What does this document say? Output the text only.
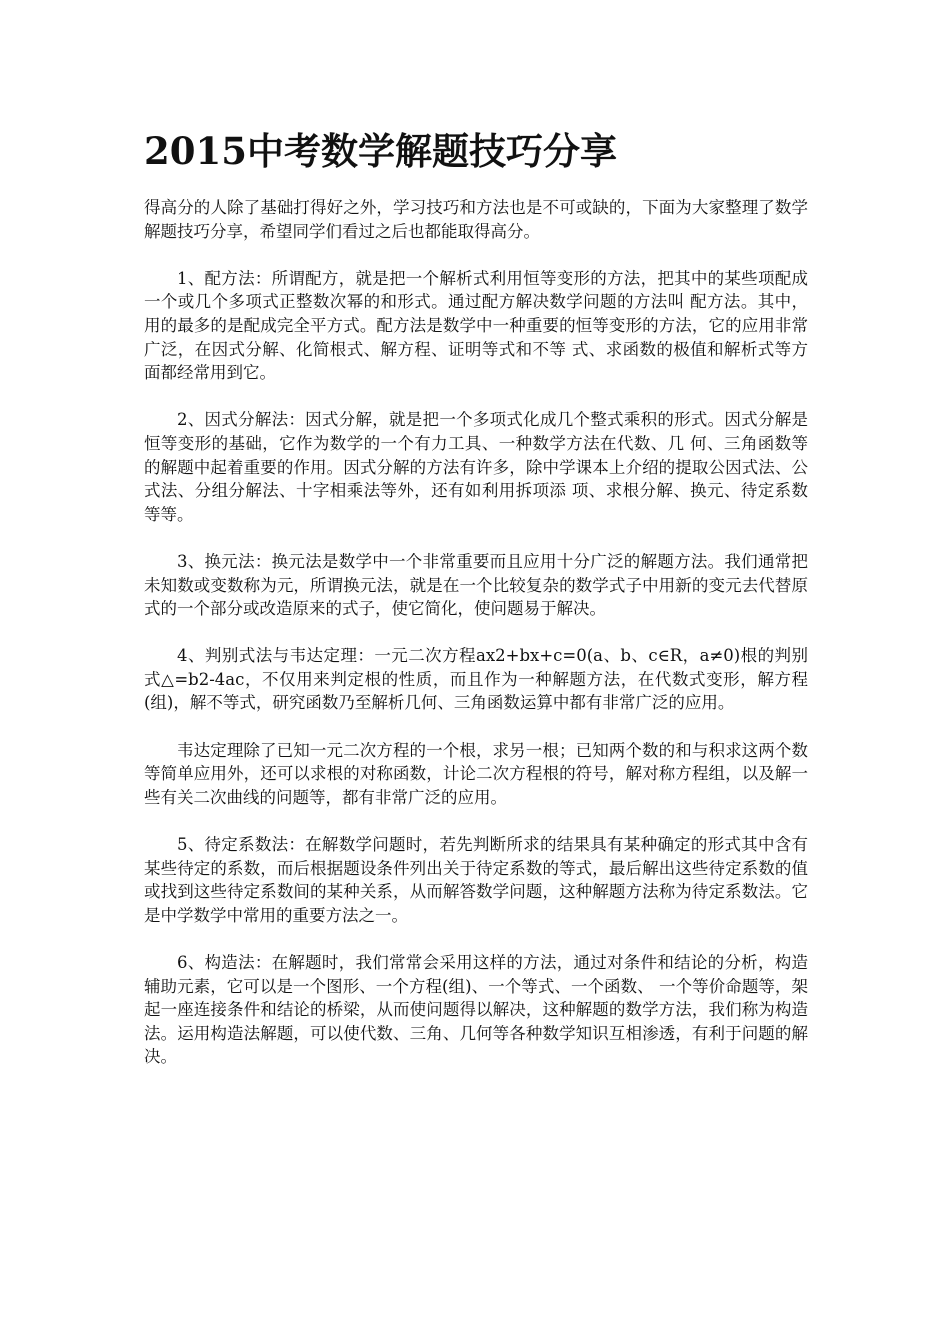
2015中考数学解题技巧分享

得高分的人除了基础打得好之外，学习技巧和方法也是不可或缺的，下面为大家整理了数学解题技巧分享，希望同学们看过之后也都能取得高分。

1、配方法：所谓配方，就是把一个解析式利用恒等变形的方法，把其中的某些项配成一个或几个多项式正整数次幂的和形式。通过配方解决数学问题的方法叫 配方法。其中，用的最多的是配成完全平方式。配方法是数学中一种重要的恒等变形的方法，它的应用非常广泛，在因式分解、化简根式、解方程、证明等式和不等 式、求函数的极值和解析式等方面都经常用到它。

2、因式分解法：因式分解，就是把一个多项式化成几个整式乘积的形式。因式分解是恒等变形的基础，它作为数学的一个有力工具、一种数学方法在代数、几 何、三角函数等的解题中起着重要的作用。因式分解的方法有许多，除中学课本上介绍的提取公因式法、公式法、分组分解法、十字相乘法等外，还有如利用拆项添 项、求根分解、换元、待定系数等等。

3、换元法：换元法是数学中一个非常重要而且应用十分广泛的解题方法。我们通常把未知数或变数称为元，所谓换元法，就是在一个比较复杂的数学式子中用新的变元去代替原式的一个部分或改造原来的式子，使它简化，使问题易于解决。

4、判别式法与韦达定理：一元二次方程ax2+bx+c=0(a、b、c∈R，a≠0)根的判别式△=b2-4ac，不仅用来判定根的性质，而且作为一种解题方法，在代数式变形，解方程(组)，解不等式，研究函数乃至解析几何、三角函数运算中都有非常广泛的应用。

韦达定理除了已知一元二次方程的一个根，求另一根；已知两个数的和与积求这两个数等简单应用外，还可以求根的对称函数，计论二次方程根的符号，解对称方程组，以及解一些有关二次曲线的问题等，都有非常广泛的应用。

5、待定系数法：在解数学问题时，若先判断所求的结果具有某种确定的形式其中含有某些待定的系数，而后根据题设条件列出关于待定系数的等式，最后解出这些待定系数的值或找到这些待定系数间的某种关系，从而解答数学问题，这种解题方法称为待定系数法。它是中学数学中常用的重要方法之一。

6、构造法：在解题时，我们常常会采用这样的方法，通过对条件和结论的分析，构造辅助元素，它可以是一个图形、一个方程(组)、一个等式、一个函数、 一个等价命题等，架起一座连接条件和结论的桥梁，从而使问题得以解决，这种解题的数学方法，我们称为构造法。运用构造法解题，可以使代数、三角、几何等各种数学知识互相渗透，有利于问题的解决。
